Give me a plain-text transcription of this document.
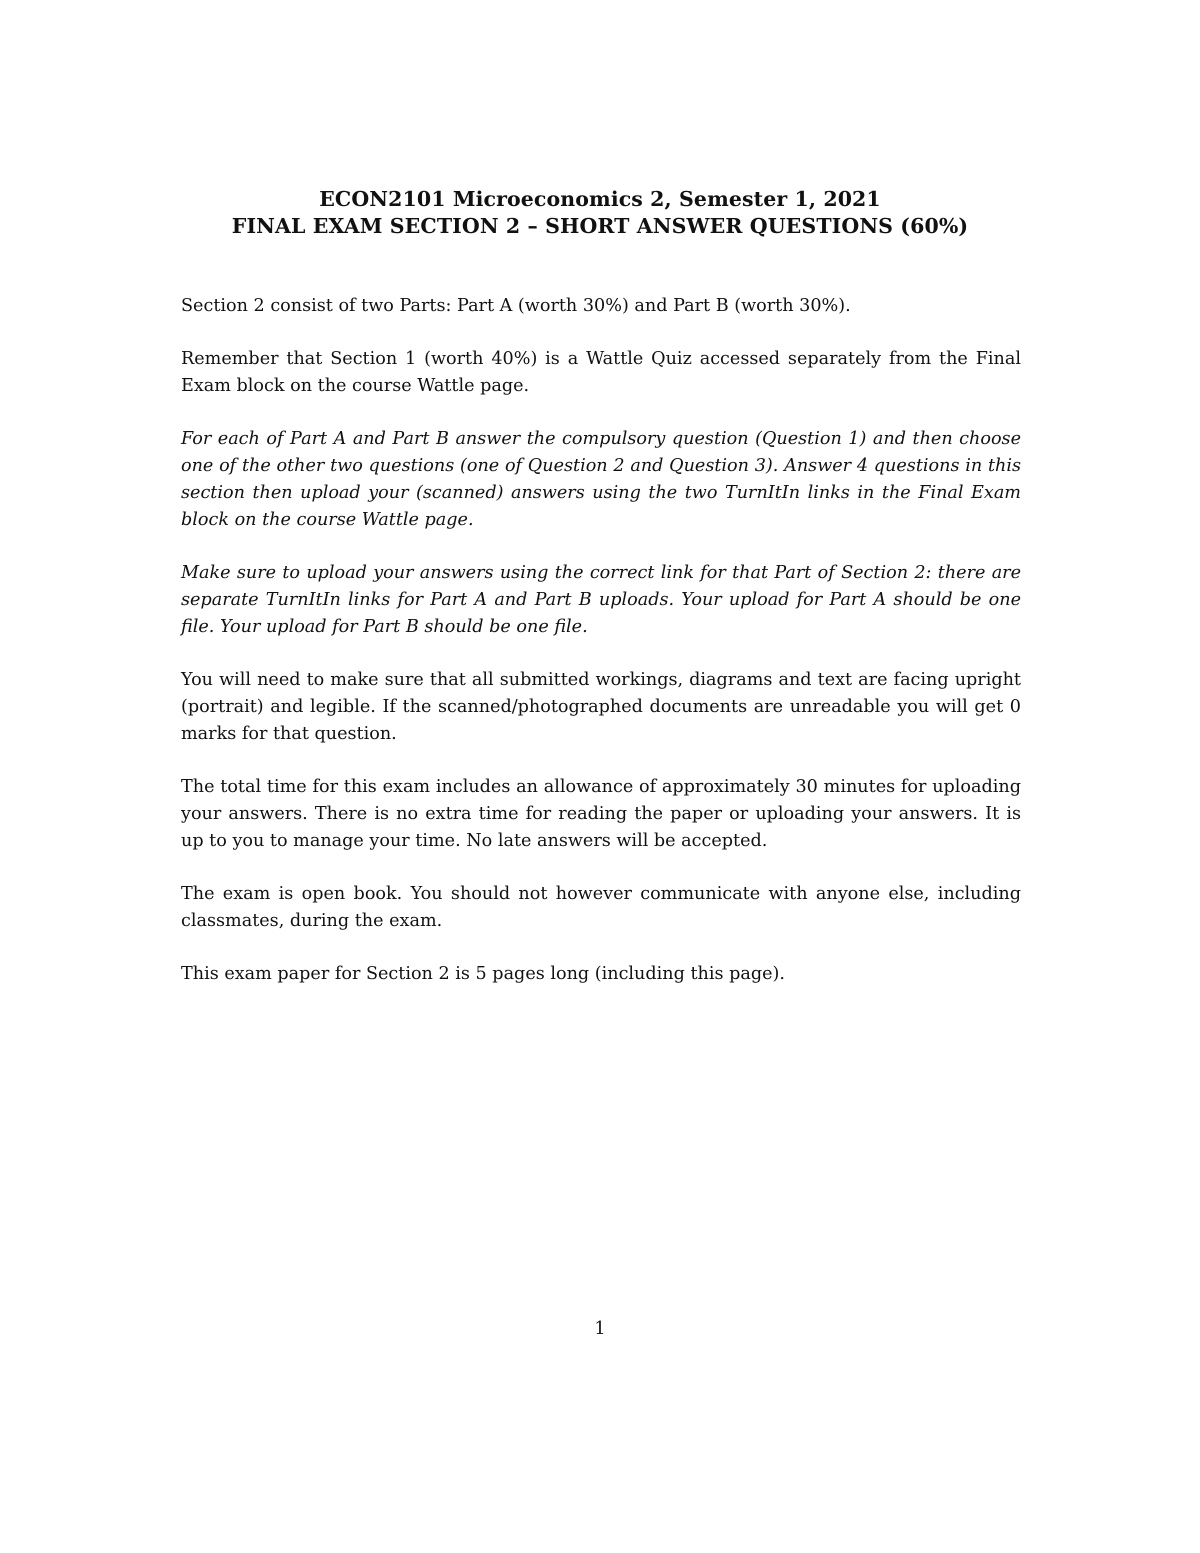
ECON2101 Microeconomics 2, Semester 1, 2021
FINAL EXAM SECTION 2 – SHORT ANSWER QUESTIONS (60%)

Section 2 consist of two Parts: Part A (worth 30%) and Part B (worth 30%).

Remember that Section 1 (worth 40%) is a Wattle Quiz accessed separately from the Final Exam block on the course Wattle page.

For each of Part A and Part B answer the compulsory question (Question 1) and then choose one of the other two questions (one of Question 2 and Question 3). Answer 4 questions in this section then upload your (scanned) answers using the two TurnItIn links in the Final Exam block on the course Wattle page.

Make sure to upload your answers using the correct link for that Part of Section 2: there are separate TurnItIn links for Part A and Part B uploads. Your upload for Part A should be one file. Your upload for Part B should be one file.

You will need to make sure that all submitted workings, diagrams and text are facing upright (portrait) and legible. If the scanned/photographed documents are unreadable you will get 0 marks for that question.

The total time for this exam includes an allowance of approximately 30 minutes for uploading your answers. There is no extra time for reading the paper or uploading your answers. It is up to you to manage your time. No late answers will be accepted.

The exam is open book. You should not however communicate with anyone else, including classmates, during the exam.

This exam paper for Section 2 is 5 pages long (including this page).

1
